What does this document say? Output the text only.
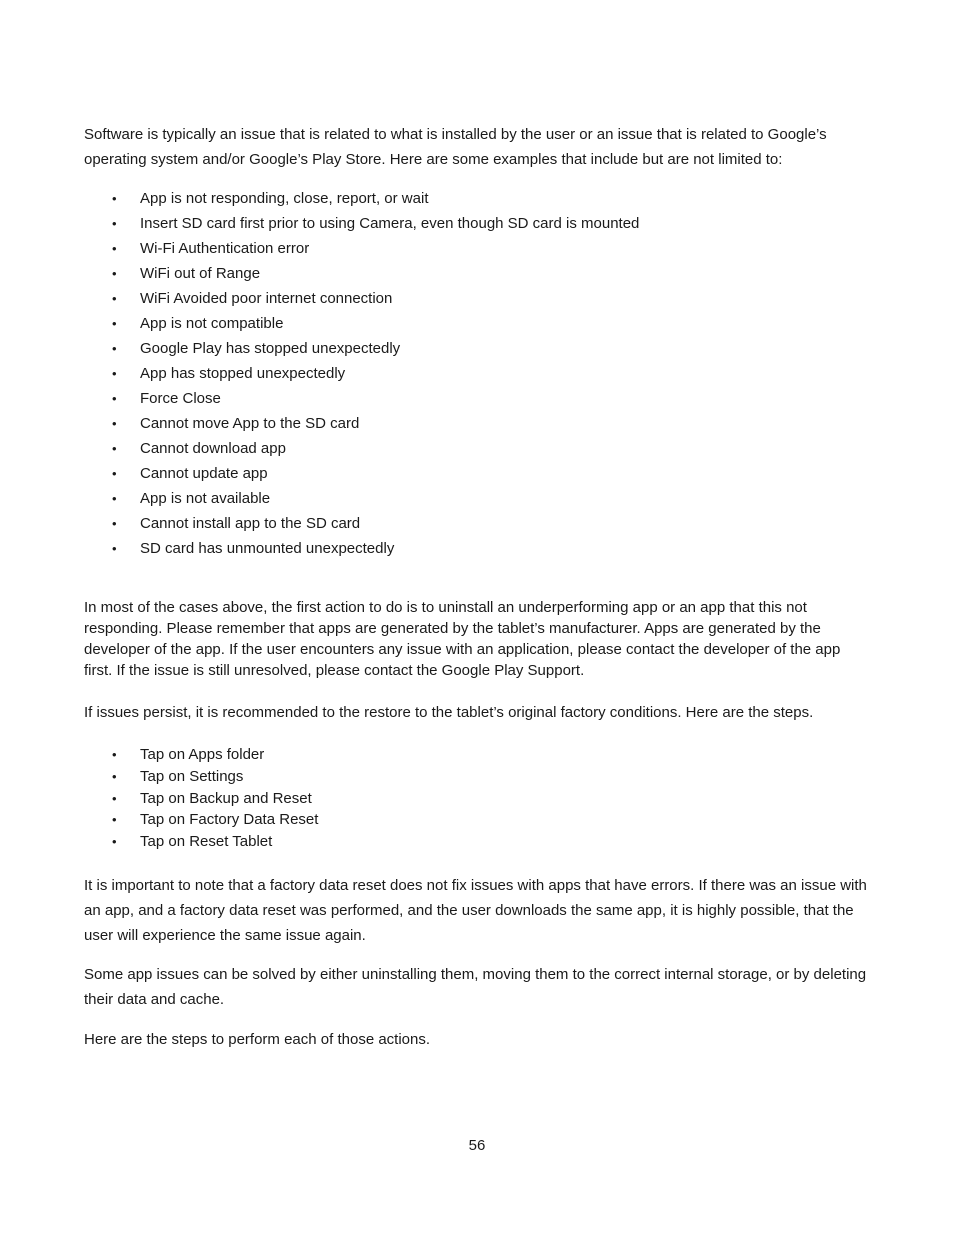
Software is typically an issue that is related to what is installed by the user or an issue that is related to Google’s operating system and/or Google’s Play Store. Here are some examples that include but are not limited to:

• App is not responding, close, report, or wait
• Insert SD card first prior to using Camera, even though SD card is mounted
• Wi-Fi Authentication error
• WiFi out of Range
• WiFi Avoided poor internet connection
• App is not compatible
• Google Play has stopped unexpectedly
• App has stopped unexpectedly
• Force Close
• Cannot move App to the SD card
• Cannot download app
• Cannot update app
• App is not available
• Cannot install app to the SD card
• SD card has unmounted unexpectedly

In most of the cases above, the first action to do is to uninstall an underperforming app or an app that this not responding. Please remember that apps are generated by the tablet’s manufacturer. Apps are generated by the developer of the app. If the user encounters any issue with an application, please contact the developer of the app first. If the issue is still unresolved, please contact the Google Play Support.

If issues persist, it is recommended to the restore to the tablet’s original factory conditions. Here are the steps.

• Tap on Apps folder
• Tap on Settings
• Tap on Backup and Reset
• Tap on Factory Data Reset
• Tap on Reset Tablet

It is important to note that a factory data reset does not fix issues with apps that have errors. If there was an issue with an app, and a factory data reset was performed, and the user downloads the same app, it is highly possible, that the user will experience the same issue again.

Some app issues can be solved by either uninstalling them, moving them to the correct internal storage, or by deleting their data and cache.

Here are the steps to perform each of those actions.

56
